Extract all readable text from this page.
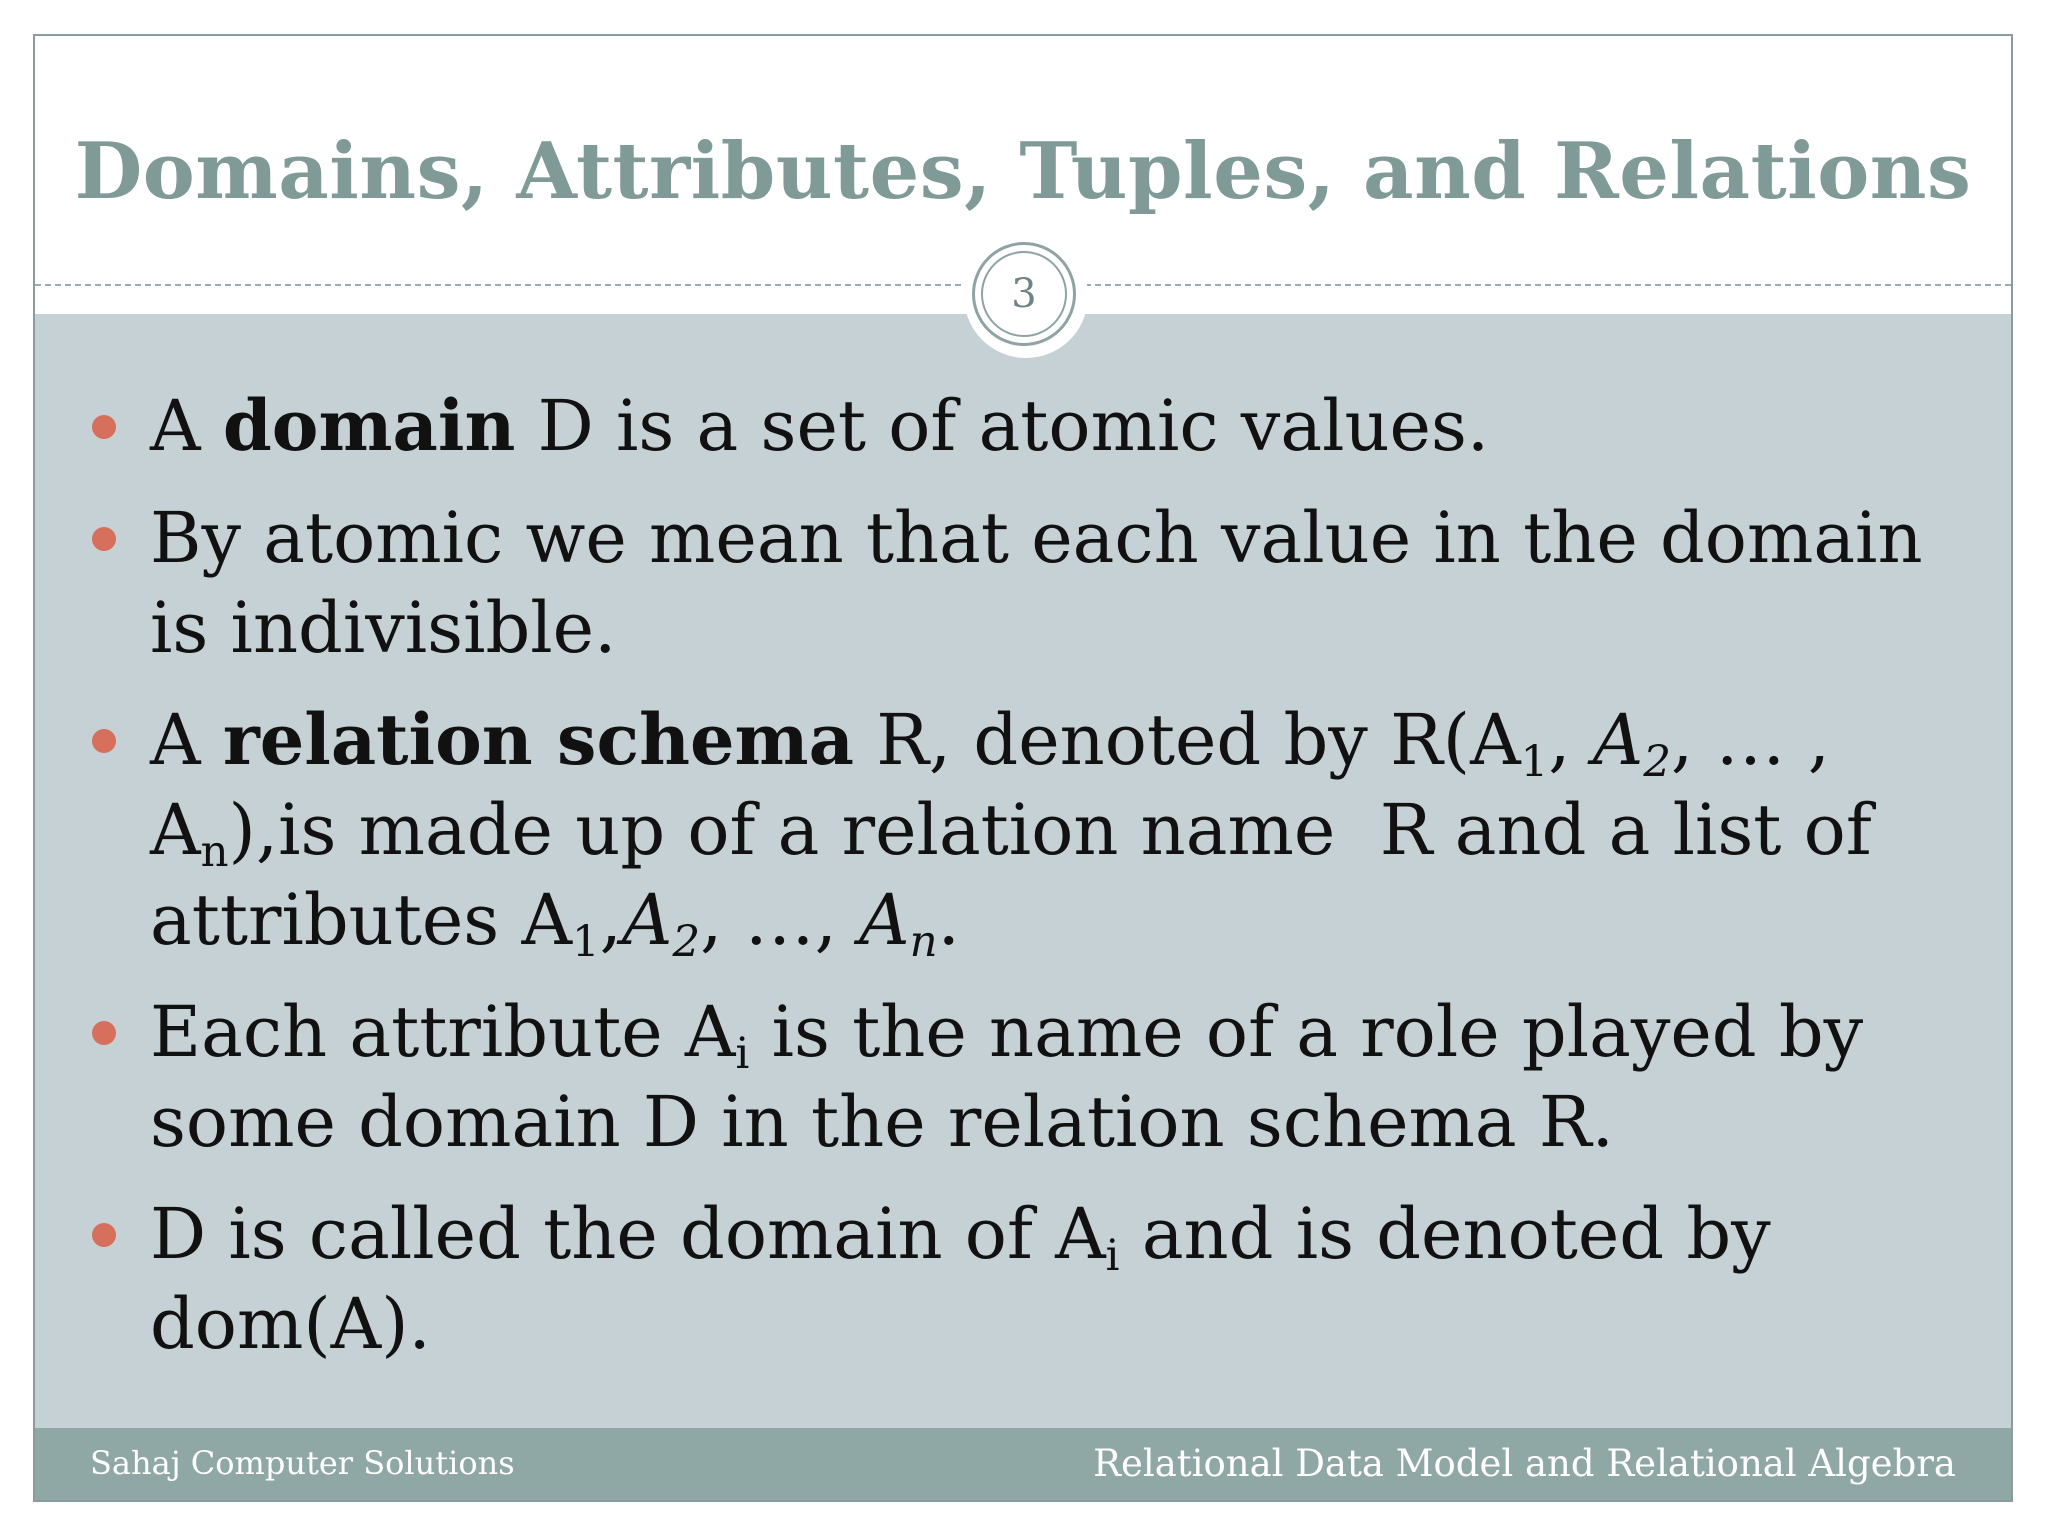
Domains, Attributes, Tuples, and Relations
3
A domain D is a set of atomic values.
By atomic we mean that each value in the domain is indivisible.
A relation schema R, denoted by $R(A_1$, $A_2$, … , $A_n),is$ made up of a relation name  R and a list of attributes $A_1,A_2$, …, $A_n$.
Each attribute $A_i$ is the name of a role played by some domain D in the relation schema R.
D is called the domain of $A_i$ and is denoted by dom(A).
Sahaj Computer Solutions	Relational Data Model and Relational Algebra
